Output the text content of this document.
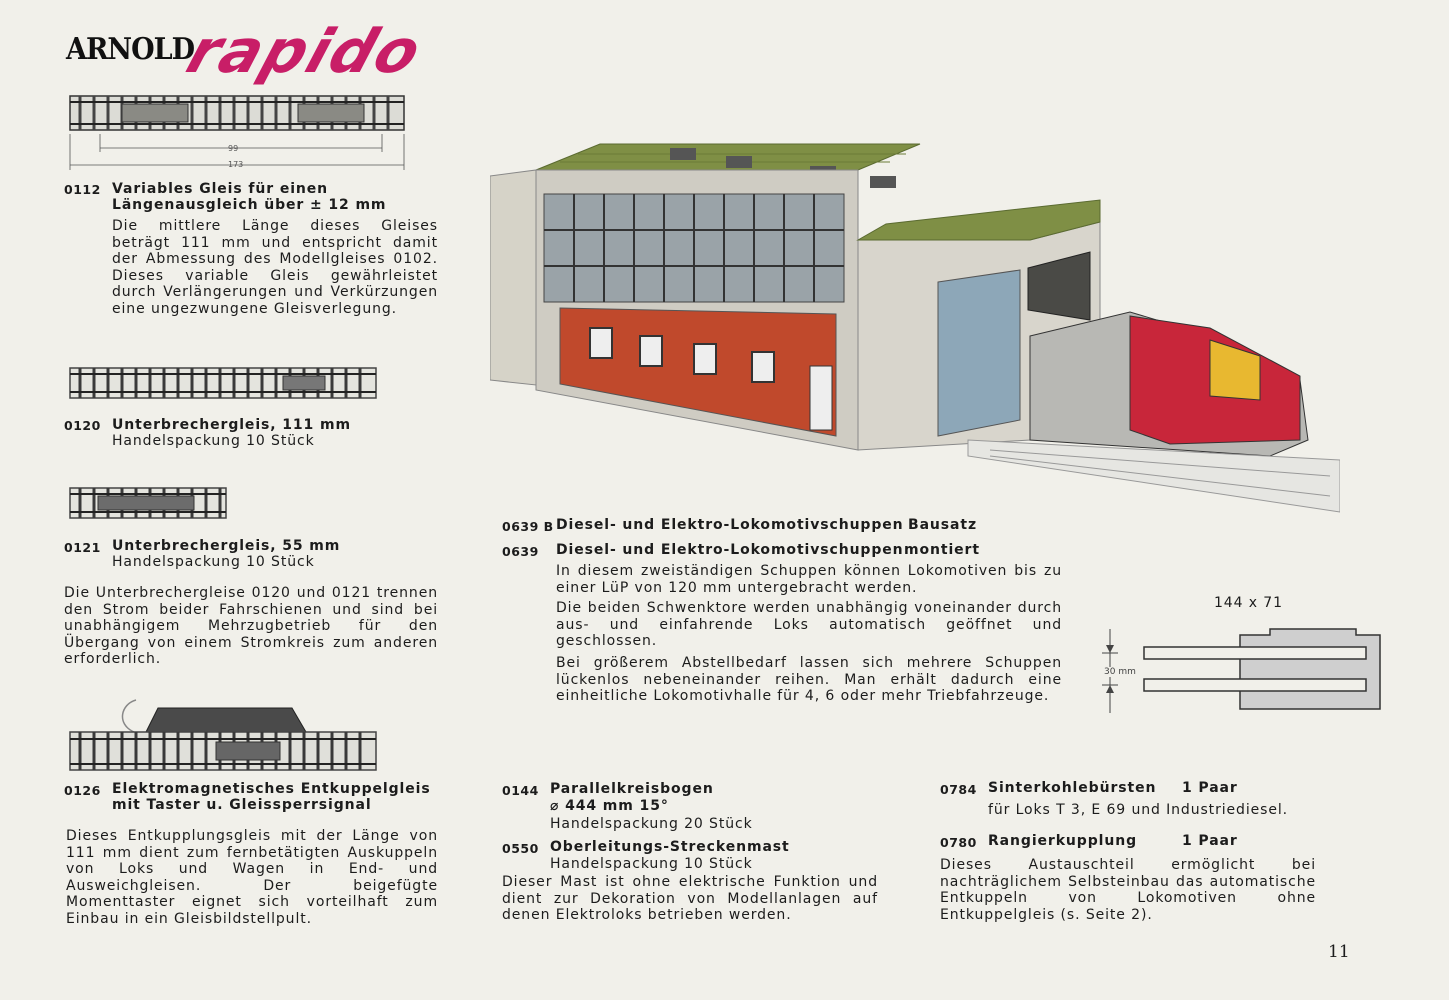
ARNOLD
rapido
99
173
0112 Variables Gleis für einen
Längenausgleich über ± 12 mm
Die mittlere Länge dieses Gleises beträgt 111 mm und entspricht damit der Abmessung des Modellgleises 0102. Dieses variable Gleis gewährleistet durch Verlängerungen und Verkürzungen eine ungezwungene Gleisverlegung.
0120 Unterbrechergleis, 111 mm
Handelspackung 10 Stück
0121 Unterbrechergleis, 55 mm
Handelspackung 10 Stück
Die Unterbrechergleise 0120 und 0121 trennen den Strom beider Fahrschienen und sind bei unabhängigem Mehrzugbetrieb für den Übergang von einem Stromkreis zum anderen erforderlich.
0126 Elektromagnetisches Entkuppelgleis
mit Taster u. Gleissperrsignal
Dieses Entkupplungsgleis mit der Länge von 111 mm dient zum fernbetätigten Auskuppeln von Loks und Wagen in End- und Ausweichgleisen. Der beigefügte Momenttaster eignet sich vorteilhaft zum Einbau in ein Gleisbildstellpult.
0639 B Diesel- und Elektro-Lokomotivschuppen Bausatz
0639 Diesel- und Elektro-Lokomotivschuppen montiert
In diesem zweiständigen Schuppen können Lokomotiven bis zu einer LüP von 120 mm untergebracht werden.
Die beiden Schwenktore werden unabhängig voneinander durch aus- und einfahrende Loks automatisch geöffnet und geschlossen.
Bei größerem Abstellbedarf lassen sich mehrere Schuppen lückenlos nebeneinander reihen. Man erhält dadurch eine einheitliche Lokomotivhalle für 4, 6 oder mehr Triebfahrzeuge.
144 x 71
30 mm
0144 Parallelkreisbogen
⌀ 444 mm 15°
Handelspackung 20 Stück
0550 Oberleitungs-Streckenmast
Handelspackung 10 Stück
Dieser Mast ist ohne elektrische Funktion und dient zur Dekoration von Modellanlagen auf denen Elektroloks betrieben werden.
0784 Sinterkohlebürsten 1 Paar
für Loks T 3, E 69 und Industriediesel.
0780 Rangierkupplung	1 Paar
Dieses Austauschteil ermöglicht bei nachträglichem Selbsteinbau das automatische Entkuppeln von Lokomotiven ohne Entkuppelgleis (s. Seite 2).
11
